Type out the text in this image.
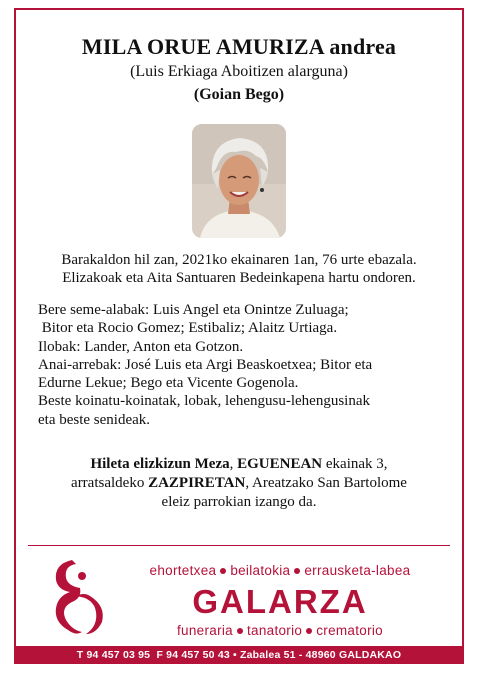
MILA ORUE AMURIZA andrea
(Luis Erkiaga Aboitizen alarguna)
(Goian Bego)
Barakaldon hil zan, 2021ko ekainaren 1an, 76 urte ebazala.
Elizakoak eta Aita Santuaren Bedeinkapena hartu ondoren.
Bere seme-alabak: Luis Angel eta Onintze Zuluaga;
Bitor eta Rocio Gomez; Estibaliz; Alaitz Urtiaga.
Ilobak: Lander, Anton eta Gotzon.
Anai-arrebak: José Luis eta Argi Beaskoetxea; Bitor eta
Edurne Lekue; Bego eta Vicente Gogenola.
Beste koinatu-koinatak, lobak, lehengusu-lehengusinak
eta beste senideak.
Hileta elizkizun Meza, EGUENEAN ekainak 3,
arratsaldeko ZAZPIRETAN, Areatzako San Bartolome
eleiz parrokian izango da.
ehortetxea beilatokia errausketa-labea
GALARZA
funeraria tanatorio crematorio
T 94 457 03 95  F 94 457 50 43 • Zabalea 51 - 48960 GALDAKAO
